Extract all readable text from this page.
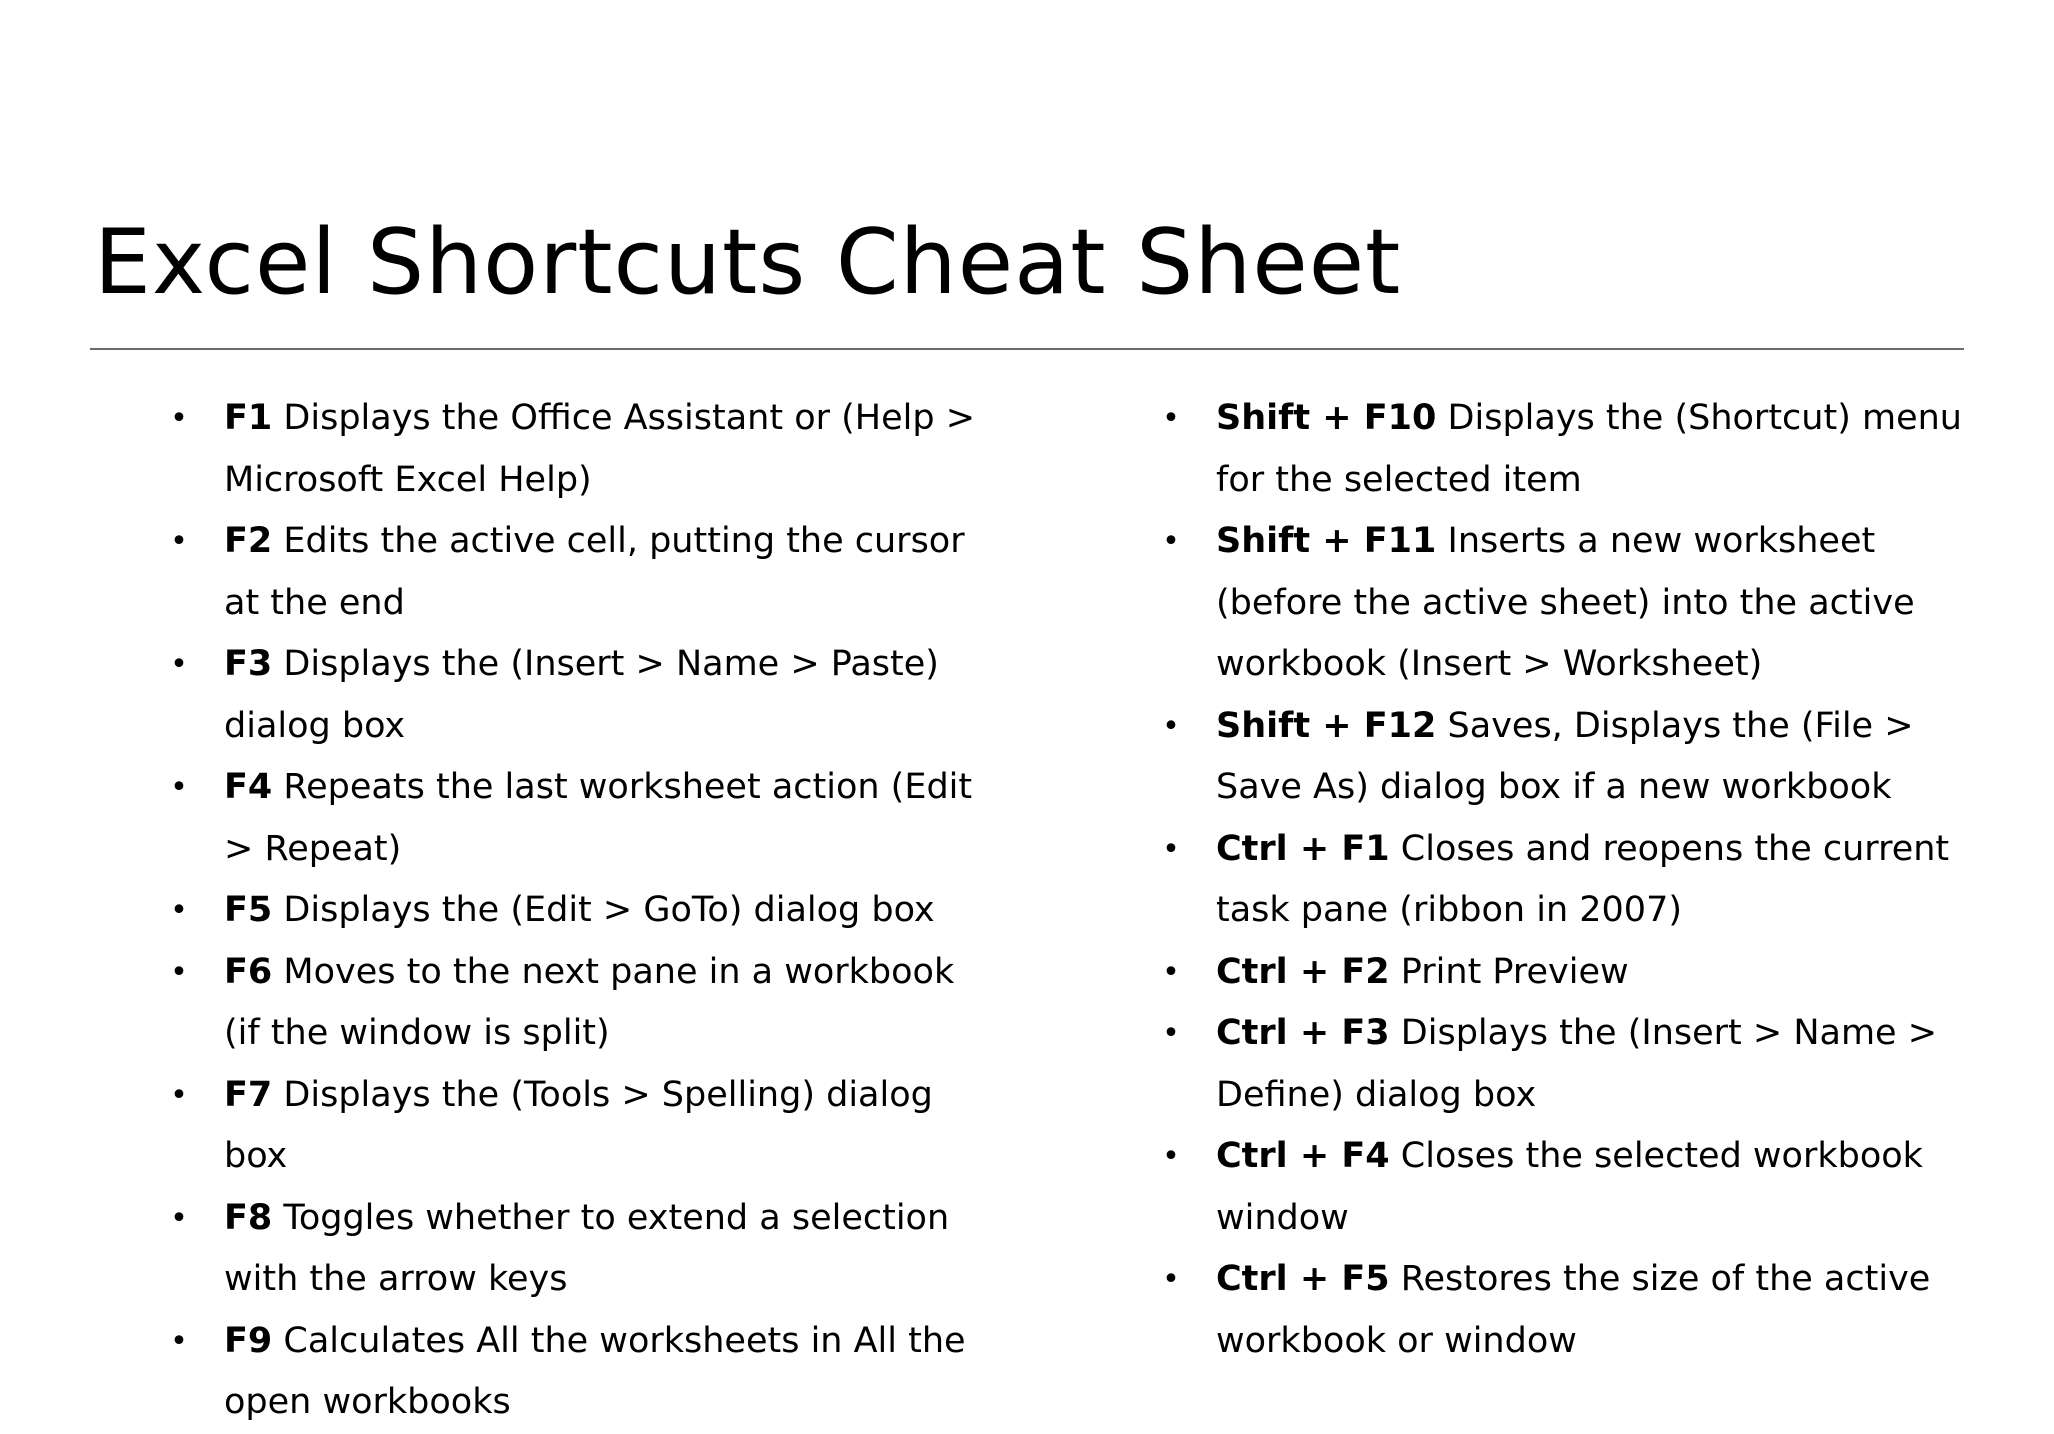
Excel Shortcuts Cheat Sheet
• F1 Displays the Office Assistant or (Help > Microsoft Excel Help)
• F2 Edits the active cell, putting the cursor at the end
• F3 Displays the (Insert > Name > Paste) dialog box
• F4 Repeats the last worksheet action (Edit > Repeat)
• F5 Displays the (Edit > GoTo) dialog box
• F6 Moves to the next pane in a workbook (if the window is split)
• F7 Displays the (Tools > Spelling) dialog box
• F8 Toggles whether to extend a selection with the arrow keys
• F9 Calculates All the worksheets in All the open workbooks
• Shift + F10 Displays the (Shortcut) menu for the selected item
• Shift + F11 Inserts a new worksheet (before the active sheet) into the active workbook (Insert > Worksheet)
• Shift + F12 Saves, Displays the (File > Save As) dialog box if a new workbook
• Ctrl + F1 Closes and reopens the current task pane (ribbon in 2007)
• Ctrl + F2 Print Preview
• Ctrl + F3 Displays the (Insert > Name > Define) dialog box
• Ctrl + F4 Closes the selected workbook window
• Ctrl + F5 Restores the size of the active workbook or window
